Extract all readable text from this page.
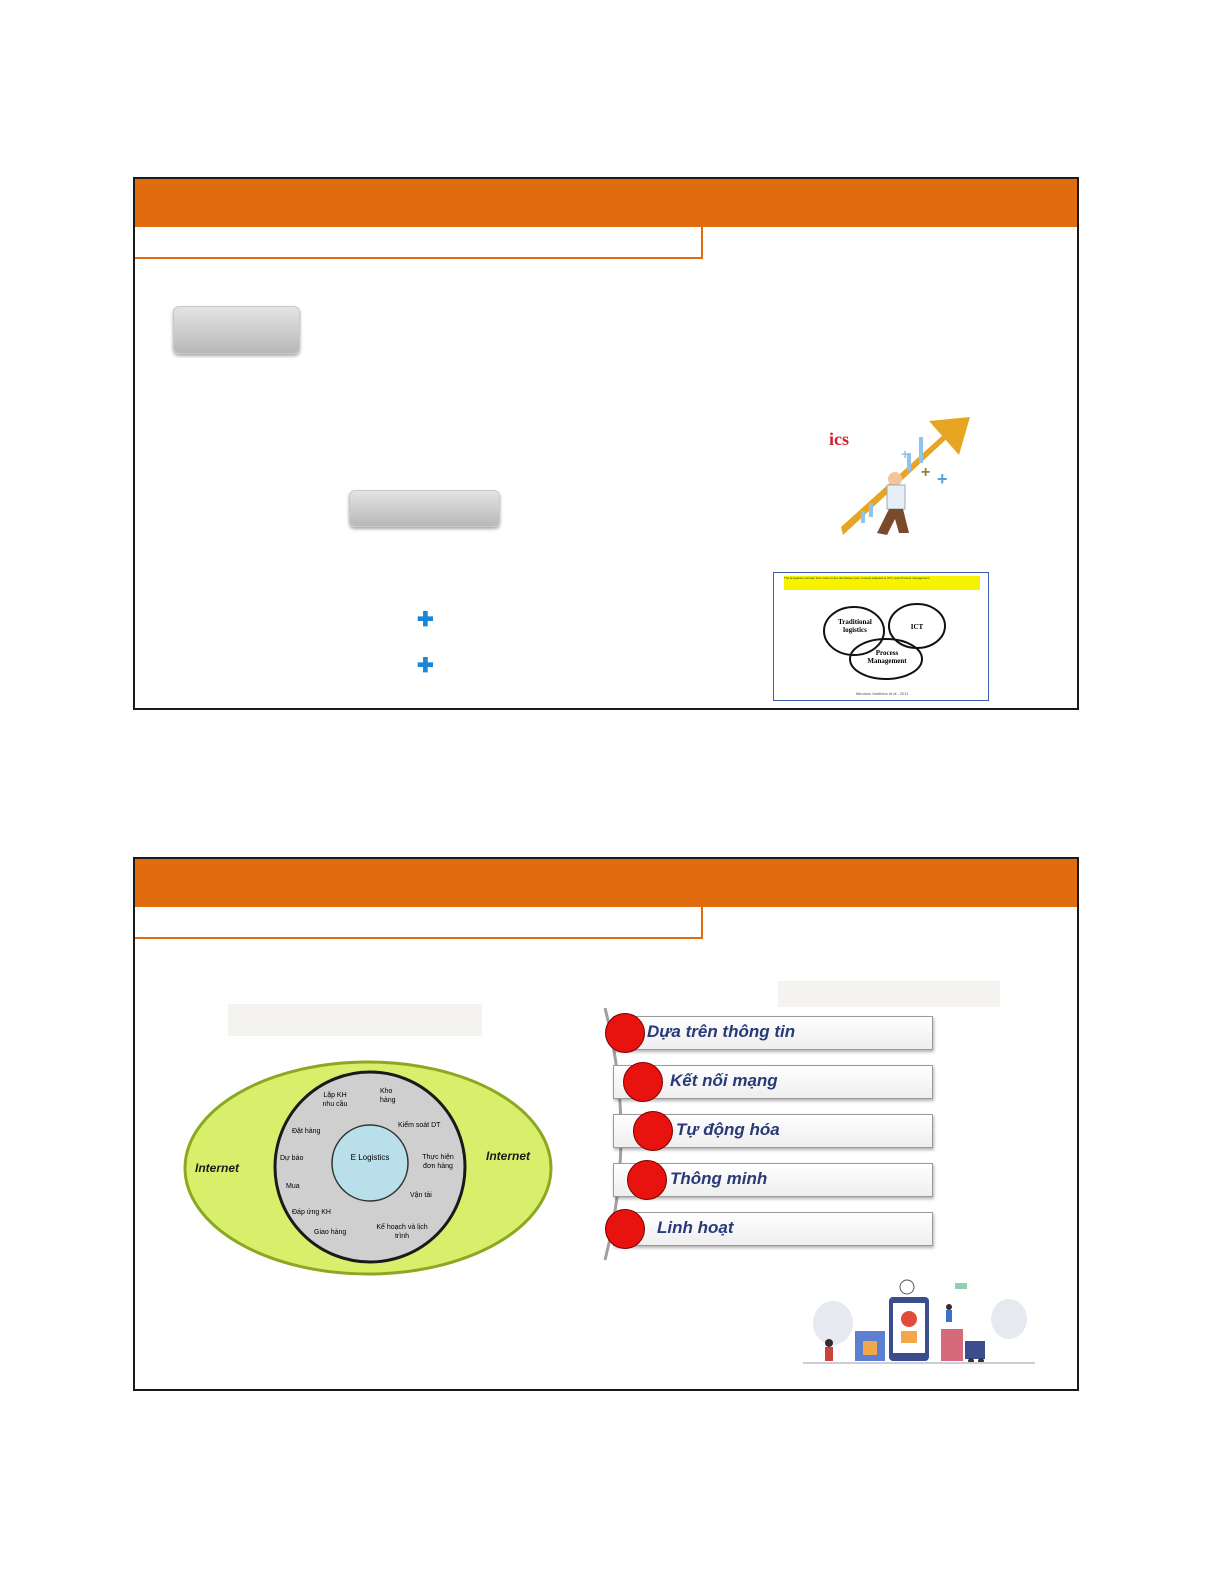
✚
✚
ics
+
+
+
The E-logistics concept from view on the disciplines (own concept adapted to ICT) note Process management
Traditional logistics	ICT
Process Management
Nikolaos Vasileios et al., 2011
Internet
Internet
E Logistics
Lập KH nhu cầu
Kho hàng
Kiểm soát DT
Đặt hàng
Dự báo	Thực hiện đơn hàng
Mua
Vận tải
Đáp ứng KH
Giao hàng
Kế hoạch và lịch trình
Dựa trên thông tin
Kết nối mạng
Tự động hóa
Thông minh
Linh hoạt
